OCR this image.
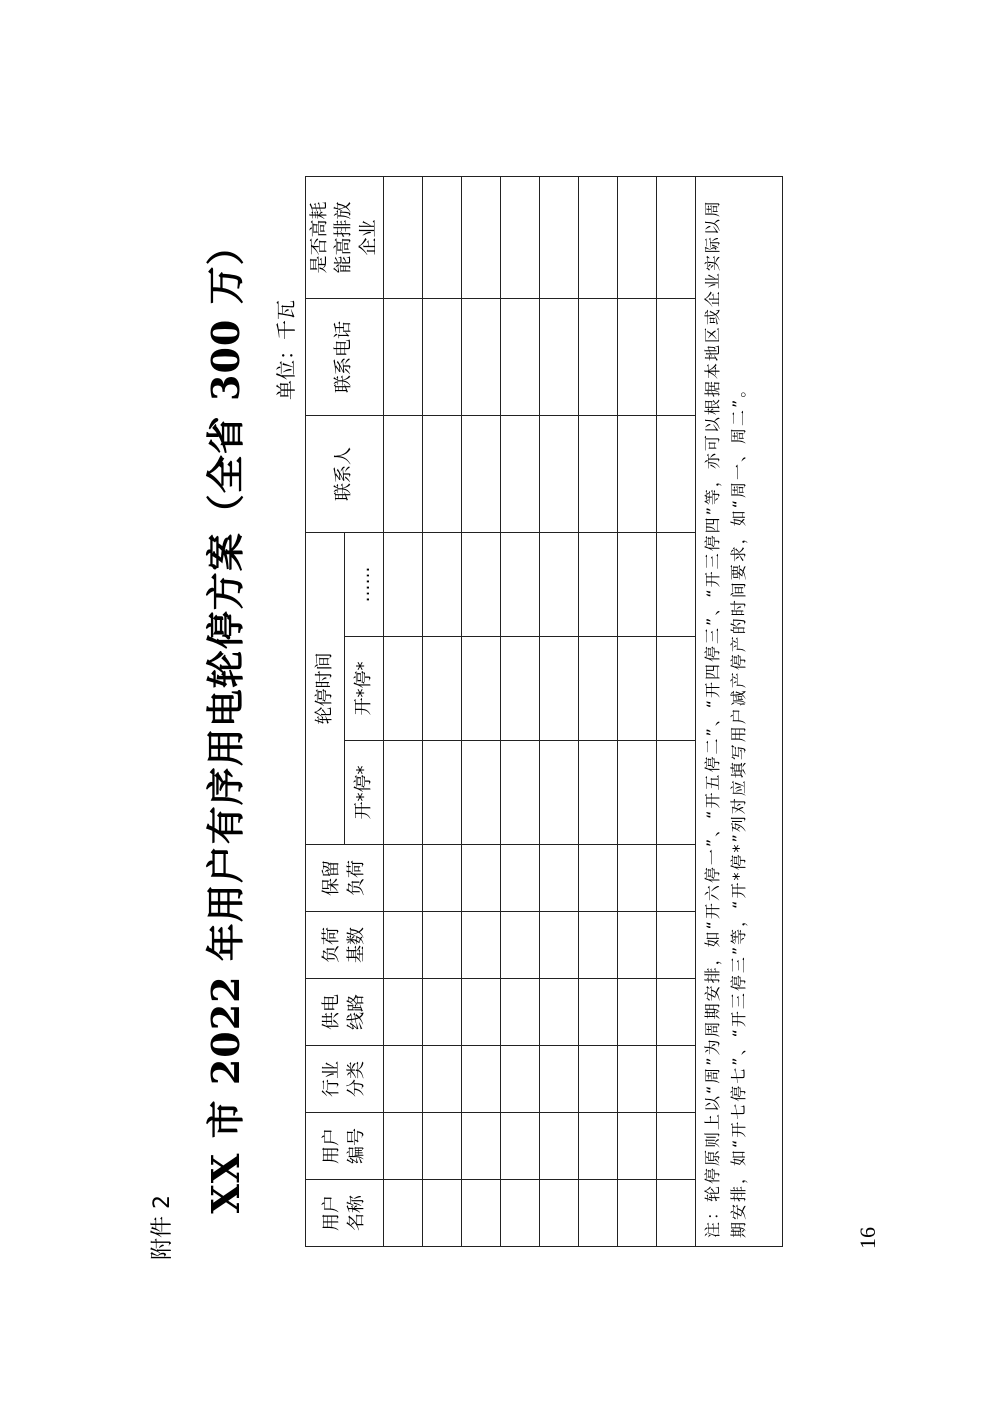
16
附件 2
XX 市 2022 年用户有序用电轮停方案（全省 300 万） 单位：千瓦
用户名称	用户编号	行业分类	供电线路	负荷基数	保留负荷	轮停时间			联系人	联系电话	是否高耗能高排放企业
						开*停*	开*停*	……			

注：轮停原则上以“周”为周期安排，如“开六停一”、“开五停二”、“开四停三”、“开三停四”等，亦可以根据本地区或企业实际以周期安排，如“开七停七”、“开三停三”等，“开*停*”列对应填写用户减产停产的时间要求，如“周一、周二”。											
